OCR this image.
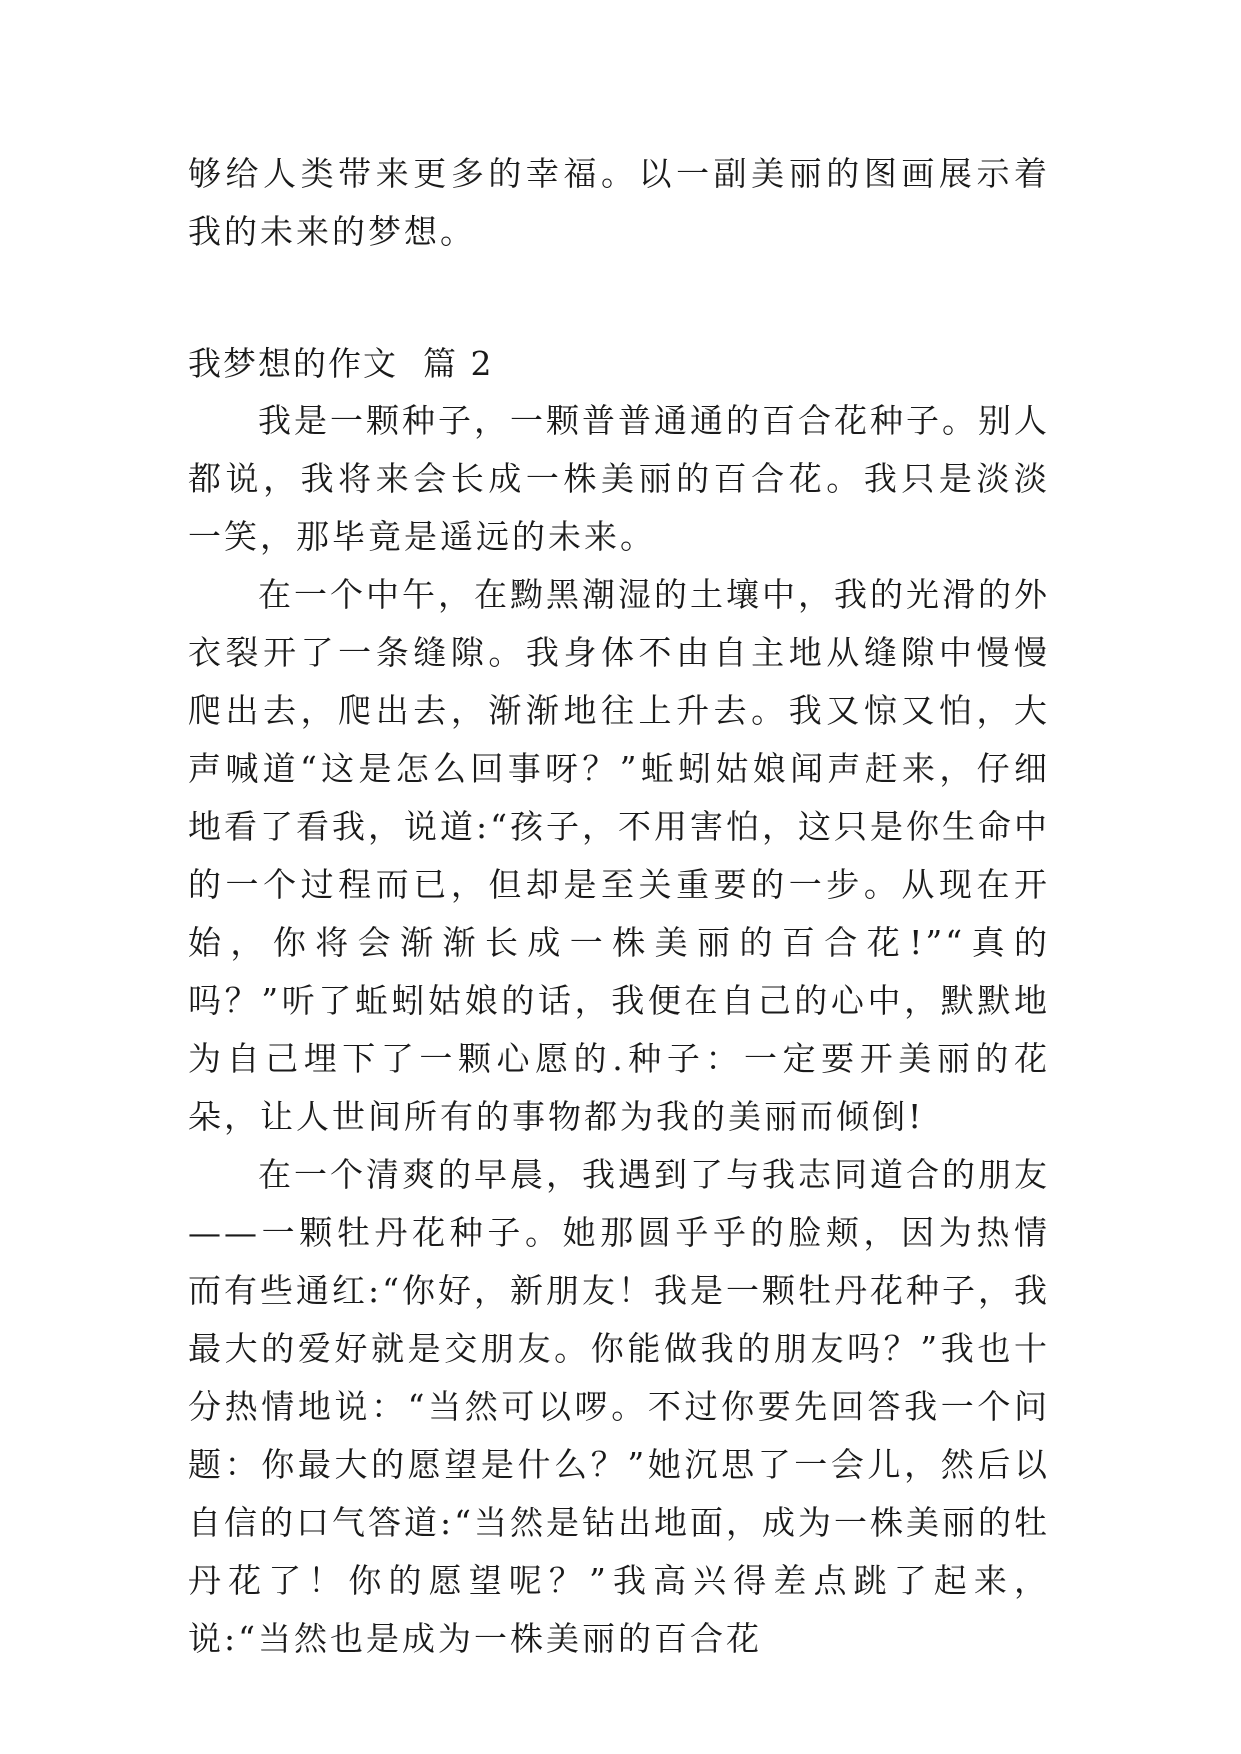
够给人类带来更多的幸福。以一副美丽的图画展示着我的未来的梦想。

我梦想的作文  篇 2

我是一颗种子，一颗普普通通的百合花种子。别人都说，我将来会长成一株美丽的百合花。我只是淡淡一笑，那毕竟是遥远的未来。

在一个中午，在黝黑潮湿的土壤中，我的光滑的外衣裂开了一条缝隙。我身体不由自主地从缝隙中慢慢爬出去，爬出去，渐渐地往上升去。我又惊又怕，大声喊道“这是怎么回事呀？”蚯蚓姑娘闻声赶来，仔细地看了看我，说道:“孩子，不用害怕，这只是你生命中的一个过程而已，但却是至关重要的一步。从现在开始，你将会渐渐长成一株美丽的百合花!”“真的吗？”听了蚯蚓姑娘的话，我便在自己的心中，默默地为自己埋下了一颗心愿的.种子：一定要开美丽的花朵，让人世间所有的事物都为我的美丽而倾倒!

在一个清爽的早晨，我遇到了与我志同道合的朋友——一颗牡丹花种子。她那圆乎乎的脸颊，因为热情而有些通红:“你好，新朋友！我是一颗牡丹花种子，我最大的爱好就是交朋友。你能做我的朋友吗？”我也十分热情地说：“当然可以啰。不过你要先回答我一个问题：你最大的愿望是什么？”她沉思了一会儿，然后以自信的口气答道:“当然是钻出地面，成为一株美丽的牡丹花了！你的愿望呢？”我高兴得差点跳了起来，说:“当然也是成为一株美丽的百合花
